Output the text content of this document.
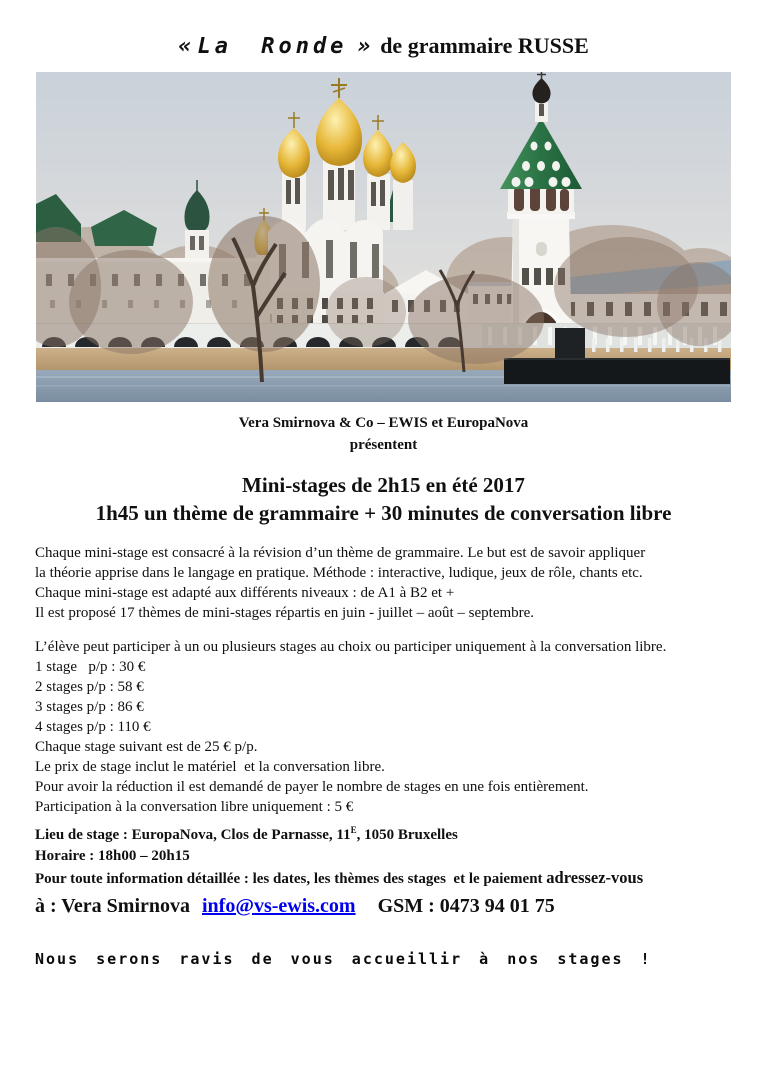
« La Ronde » de grammaire RUSSE
Vera Smirnova & Co – EWIS et EuropaNova
présentent
Mini-stages de 2h15 en été 2017
1h45 un thème de grammaire + 30 minutes de conversation libre
Chaque mini-stage est consacré à la révision d’un thème de grammaire. Le but est de savoir appliquer
la théorie apprise dans le langage en pratique. Méthode : interactive, ludique, jeux de rôle, chants etc.
Chaque mini-stage est adapté aux différents niveaux : de A1 à B2 et +
Il est proposé 17 thèmes de mini-stages répartis en juin - juillet – août – septembre.
L’élève peut participer à un ou plusieurs stages au choix ou participer uniquement à la conversation libre.
1 stage   p/p : 30 €
2 stages p/p : 58 €
3 stages p/p : 86 €
4 stages p/p : 110 €
Chaque stage suivant est de 25 € p/p.
Le prix de stage inclut le matériel  et la conversation libre.
Pour avoir la réduction il est demandé de payer le nombre de stages en une fois entièrement.
Participation à la conversation libre uniquement : 5 €
Lieu de stage : EuropaNova, Clos de Parnasse, $11^E$, 1050 Bruxelles
Horaire : 18h00 – 20h15
Pour toute information détaillée : les dates, les thèmes des stages  et le paiement adressez-vous
à : Vera Smirnova info@vs-ewis.com GSM : 0473 94 01 75
Nous serons ravis de vous accueillir à nos stages !
